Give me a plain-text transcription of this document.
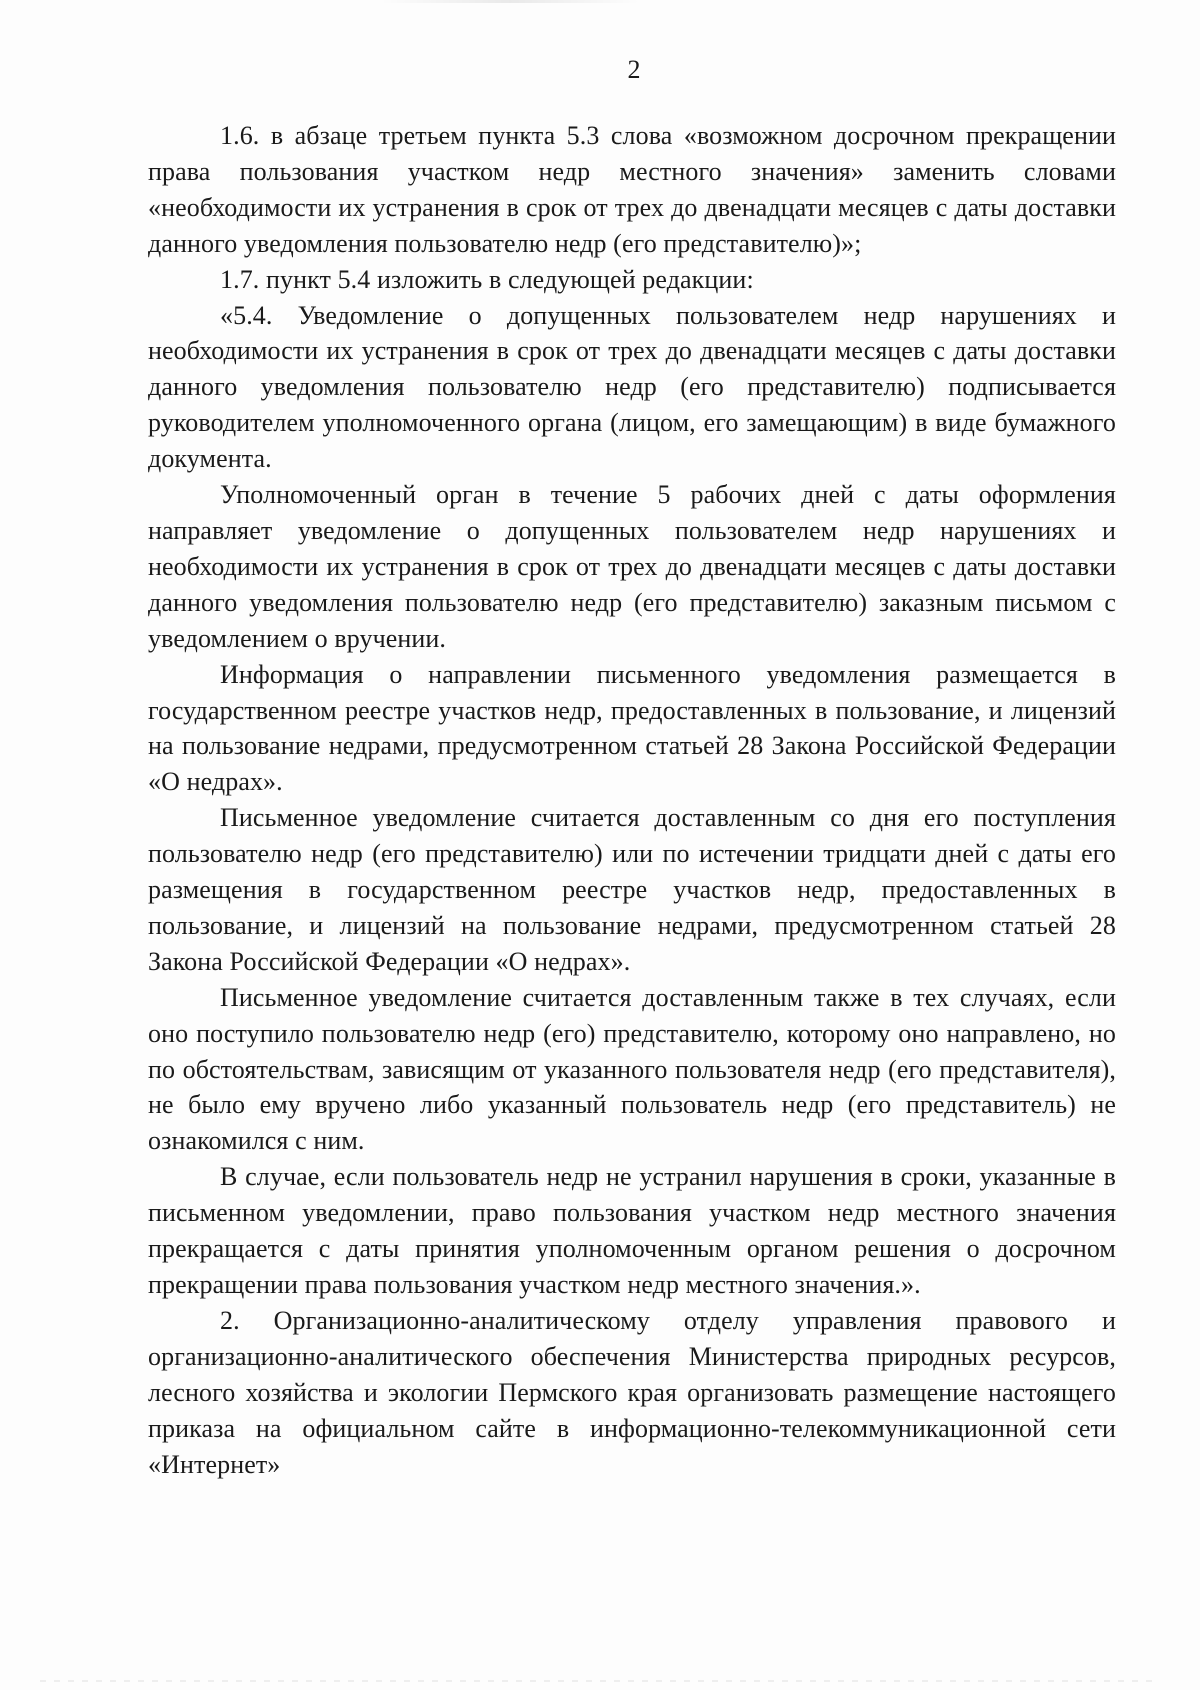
2

1.6. в абзаце третьем пункта 5.3 слова «возможном досрочном прекращении права пользования участком недр местного значения» заменить словами «необходимости их устранения в срок от трех до двенадцати месяцев с даты доставки данного уведомления пользователю недр (его представителю)»;

1.7. пункт 5.4 изложить в следующей редакции:

«5.4. Уведомление о допущенных пользователем недр нарушениях и необходимости их устранения в срок от трех до двенадцати месяцев с даты доставки данного уведомления пользователю недр (его представителю) подписывается руководителем уполномоченного органа (лицом, его замещающим) в виде бумажного документа.

Уполномоченный орган в течение 5 рабочих дней с даты оформления направляет уведомление о допущенных пользователем недр нарушениях и необходимости их устранения в срок от трех до двенадцати месяцев с даты доставки данного уведомления пользователю недр (его представителю) заказным письмом с уведомлением о вручении.

Информация о направлении письменного уведомления размещается в государственном реестре участков недр, предоставленных в пользование, и лицензий на пользование недрами, предусмотренном статьей 28 Закона Российской Федерации «О недрах».

Письменное уведомление считается доставленным со дня его поступления пользователю недр (его представителю) или по истечении тридцати дней с даты его размещения в государственном реестре участков недр, предоставленных в пользование, и лицензий на пользование недрами, предусмотренном статьей 28 Закона Российской Федерации «О недрах».

Письменное уведомление считается доставленным также в тех случаях, если оно поступило пользователю недр (его) представителю, которому оно направлено, но по обстоятельствам, зависящим от указанного пользователя недр (его представителя), не было ему вручено либо указанный пользователь недр (его представитель) не ознакомился с ним.

В случае, если пользователь недр не устранил нарушения в сроки, указанные в письменном уведомлении, право пользования участком недр местного значения прекращается с даты принятия уполномоченным органом решения о досрочном прекращении права пользования участком недр местного значения.».

2. Организационно-аналитическому отделу управления правового и организационно-аналитического обеспечения Министерства природных ресурсов, лесного хозяйства и экологии Пермского края организовать размещение настоящего приказа на официальном сайте в информационно-телекоммуникационной сети «Интернет»
